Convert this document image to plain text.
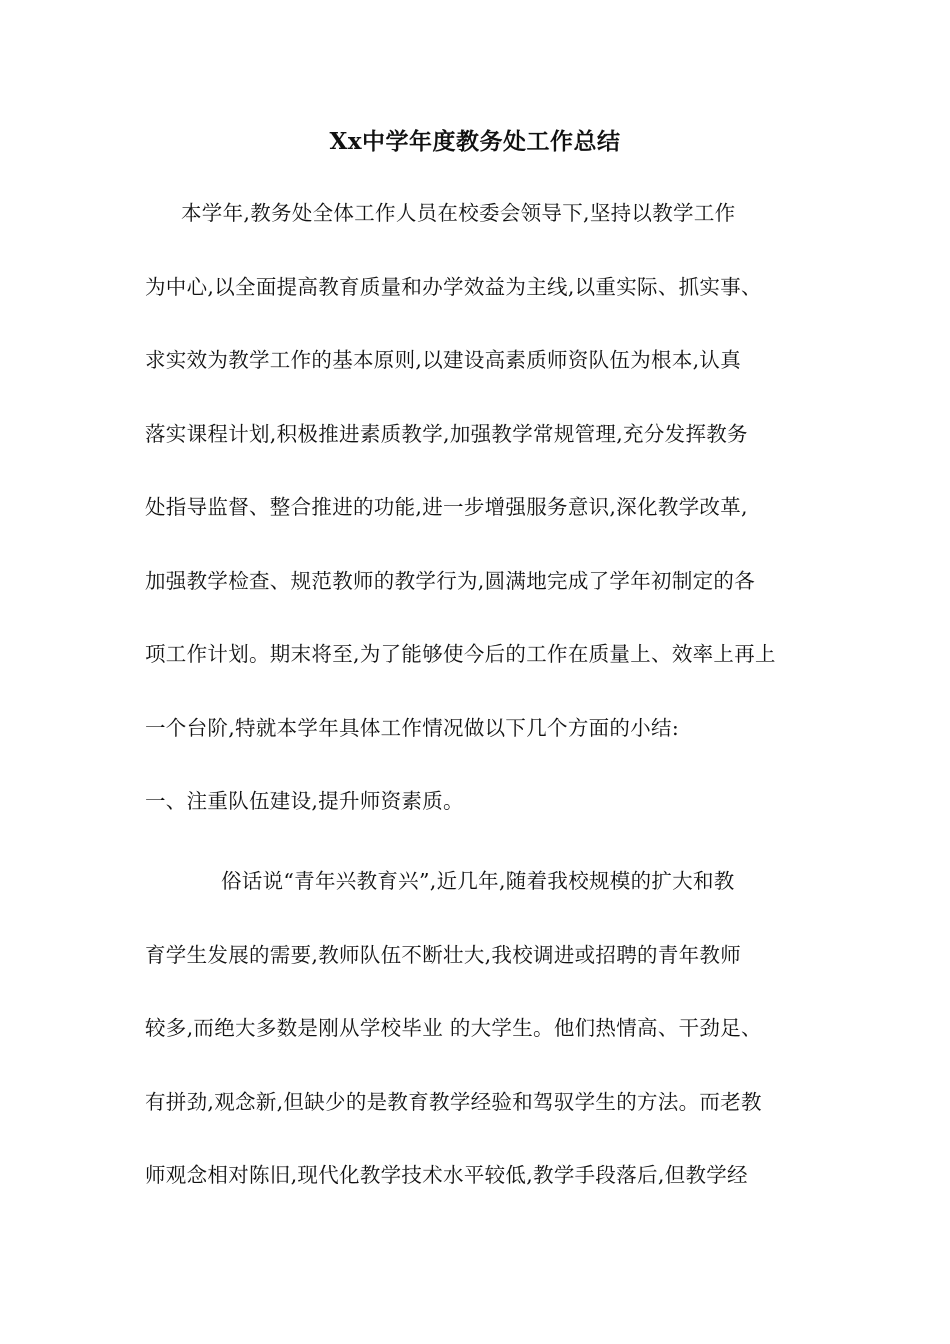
Xx中学年度教务处工作总结
本学年,教务处全体工作人员在校委会领导下,坚持以教学工作
为中心,以全面提高教育质量和办学效益为主线,以重实际、抓实事、
求实效为教学工作的基本原则,以建设高素质师资队伍为根本,认真
落实课程计划,积极推进素质教学,加强教学常规管理,充分发挥教务
处指导监督、整合推进的功能,进一步增强服务意识,深化教学改革,
加强教学检查、规范教师的教学行为,圆满地完成了学年初制定的各
项工作计划。期末将至,为了能够使今后的工作在质量上、效率上再上
一个台阶,特就本学年具体工作情况做以下几个方面的小结:
一、注重队伍建设,提升师资素质。
俗话说“青年兴教育兴”,近几年,随着我校规模的扩大和教
育学生发展的需要,教师队伍不断壮大,我校调进或招聘的青年教师
较多,而绝大多数是刚从学校毕业 的大学生。他们热情高、干劲足、
有拼劲,观念新,但缺少的是教育教学经验和驾驭学生的方法。而老教
师观念相对陈旧,现代化教学技术水平较低,教学手段落后,但教学经
